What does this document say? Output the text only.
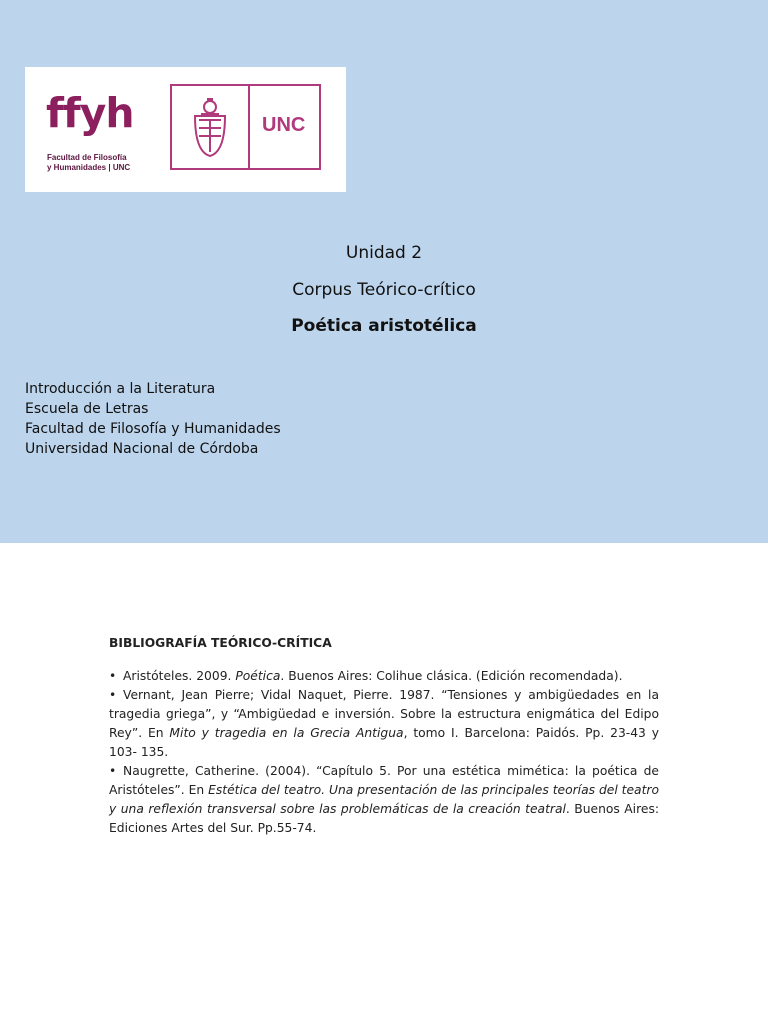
ffyh
Facultad de Filosofía
y Humanidades | UNC
UNC
Unidad 2
Corpus Teórico-crítico
Poética aristotélica
Introducción a la Literatura
Escuela de Letras
Facultad de Filosofía y Humanidades
Universidad Nacional de Córdoba
BIBLIOGRAFÍA TEÓRICO-CRÍTICA
• Aristóteles. 2009. Poética. Buenos Aires: Colihue clásica. (Edición recomendada).
• Vernant, Jean Pierre; Vidal Naquet, Pierre. 1987. “Tensiones y ambigüedades en la tragedia griega”, y “Ambigüedad e inversión. Sobre la estructura enigmática del Edipo Rey”. En Mito y tragedia en la Grecia Antigua, tomo I. Barcelona: Paidós. Pp. 23-43 y 103- 135.
• Naugrette, Catherine. (2004). “Capítulo 5. Por una estética mimética: la poética de Aristóteles”. En Estética del teatro. Una presentación de las principales teorías del teatro y una reflexión transversal sobre las problemáticas de la creación teatral. Buenos Aires: Ediciones Artes del Sur. Pp.55-74.
